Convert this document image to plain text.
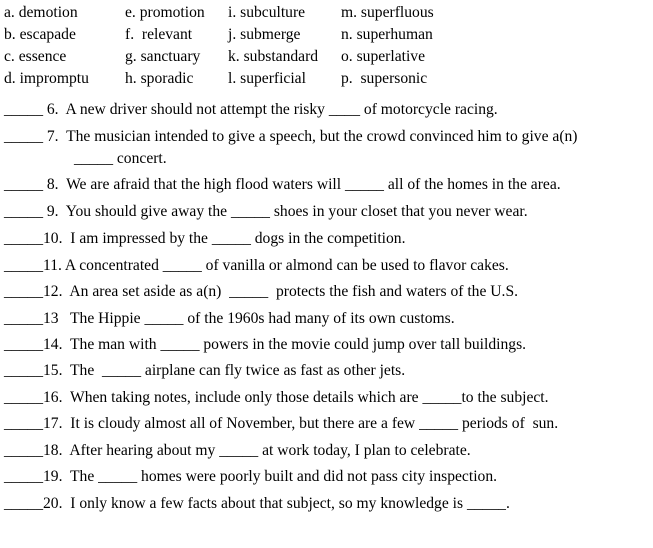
a. demotion	e. promotion i. subculture m. superfluous
b. escapade	f.  relevant j. submerge	n. superhuman
c. essence	g. sanctuary k. substandard o. superlative
d. impromptu h. sporadic l. superficial p.  supersonic
_____ 6.  A new driver should not attempt the risky ____ of motorcycle racing.
_____ 7.  The musician intended to give a speech, but the crowd convinced him to give a(n)
_____ concert.
_____ 8.  We are afraid that the high flood waters will _____ all of the homes in the area.
_____ 9.  You should give away the _____ shoes in your closet that you never wear.
_____10.  I am impressed by the _____ dogs in the competition.
_____11. A concentrated _____ of vanilla or almond can be used to flavor cakes.
_____12.  An area set aside as a(n)  _____  protects the fish and waters of the U.S.
_____13   The Hippie _____ of the 1960s had many of its own customs.
_____14.  The man with _____ powers in the movie could jump over tall buildings.
_____15.  The  _____ airplane can fly twice as fast as other jets.
_____16.  When taking notes, include only those details which are _____to the subject.
_____17.  It is cloudy almost all of November, but there are a few _____ periods of  sun.
_____18.  After hearing about my _____ at work today, I plan to celebrate.
_____19.  The _____ homes were poorly built and did not pass city inspection.
_____20.  I only know a few facts about that subject, so my knowledge is _____.
